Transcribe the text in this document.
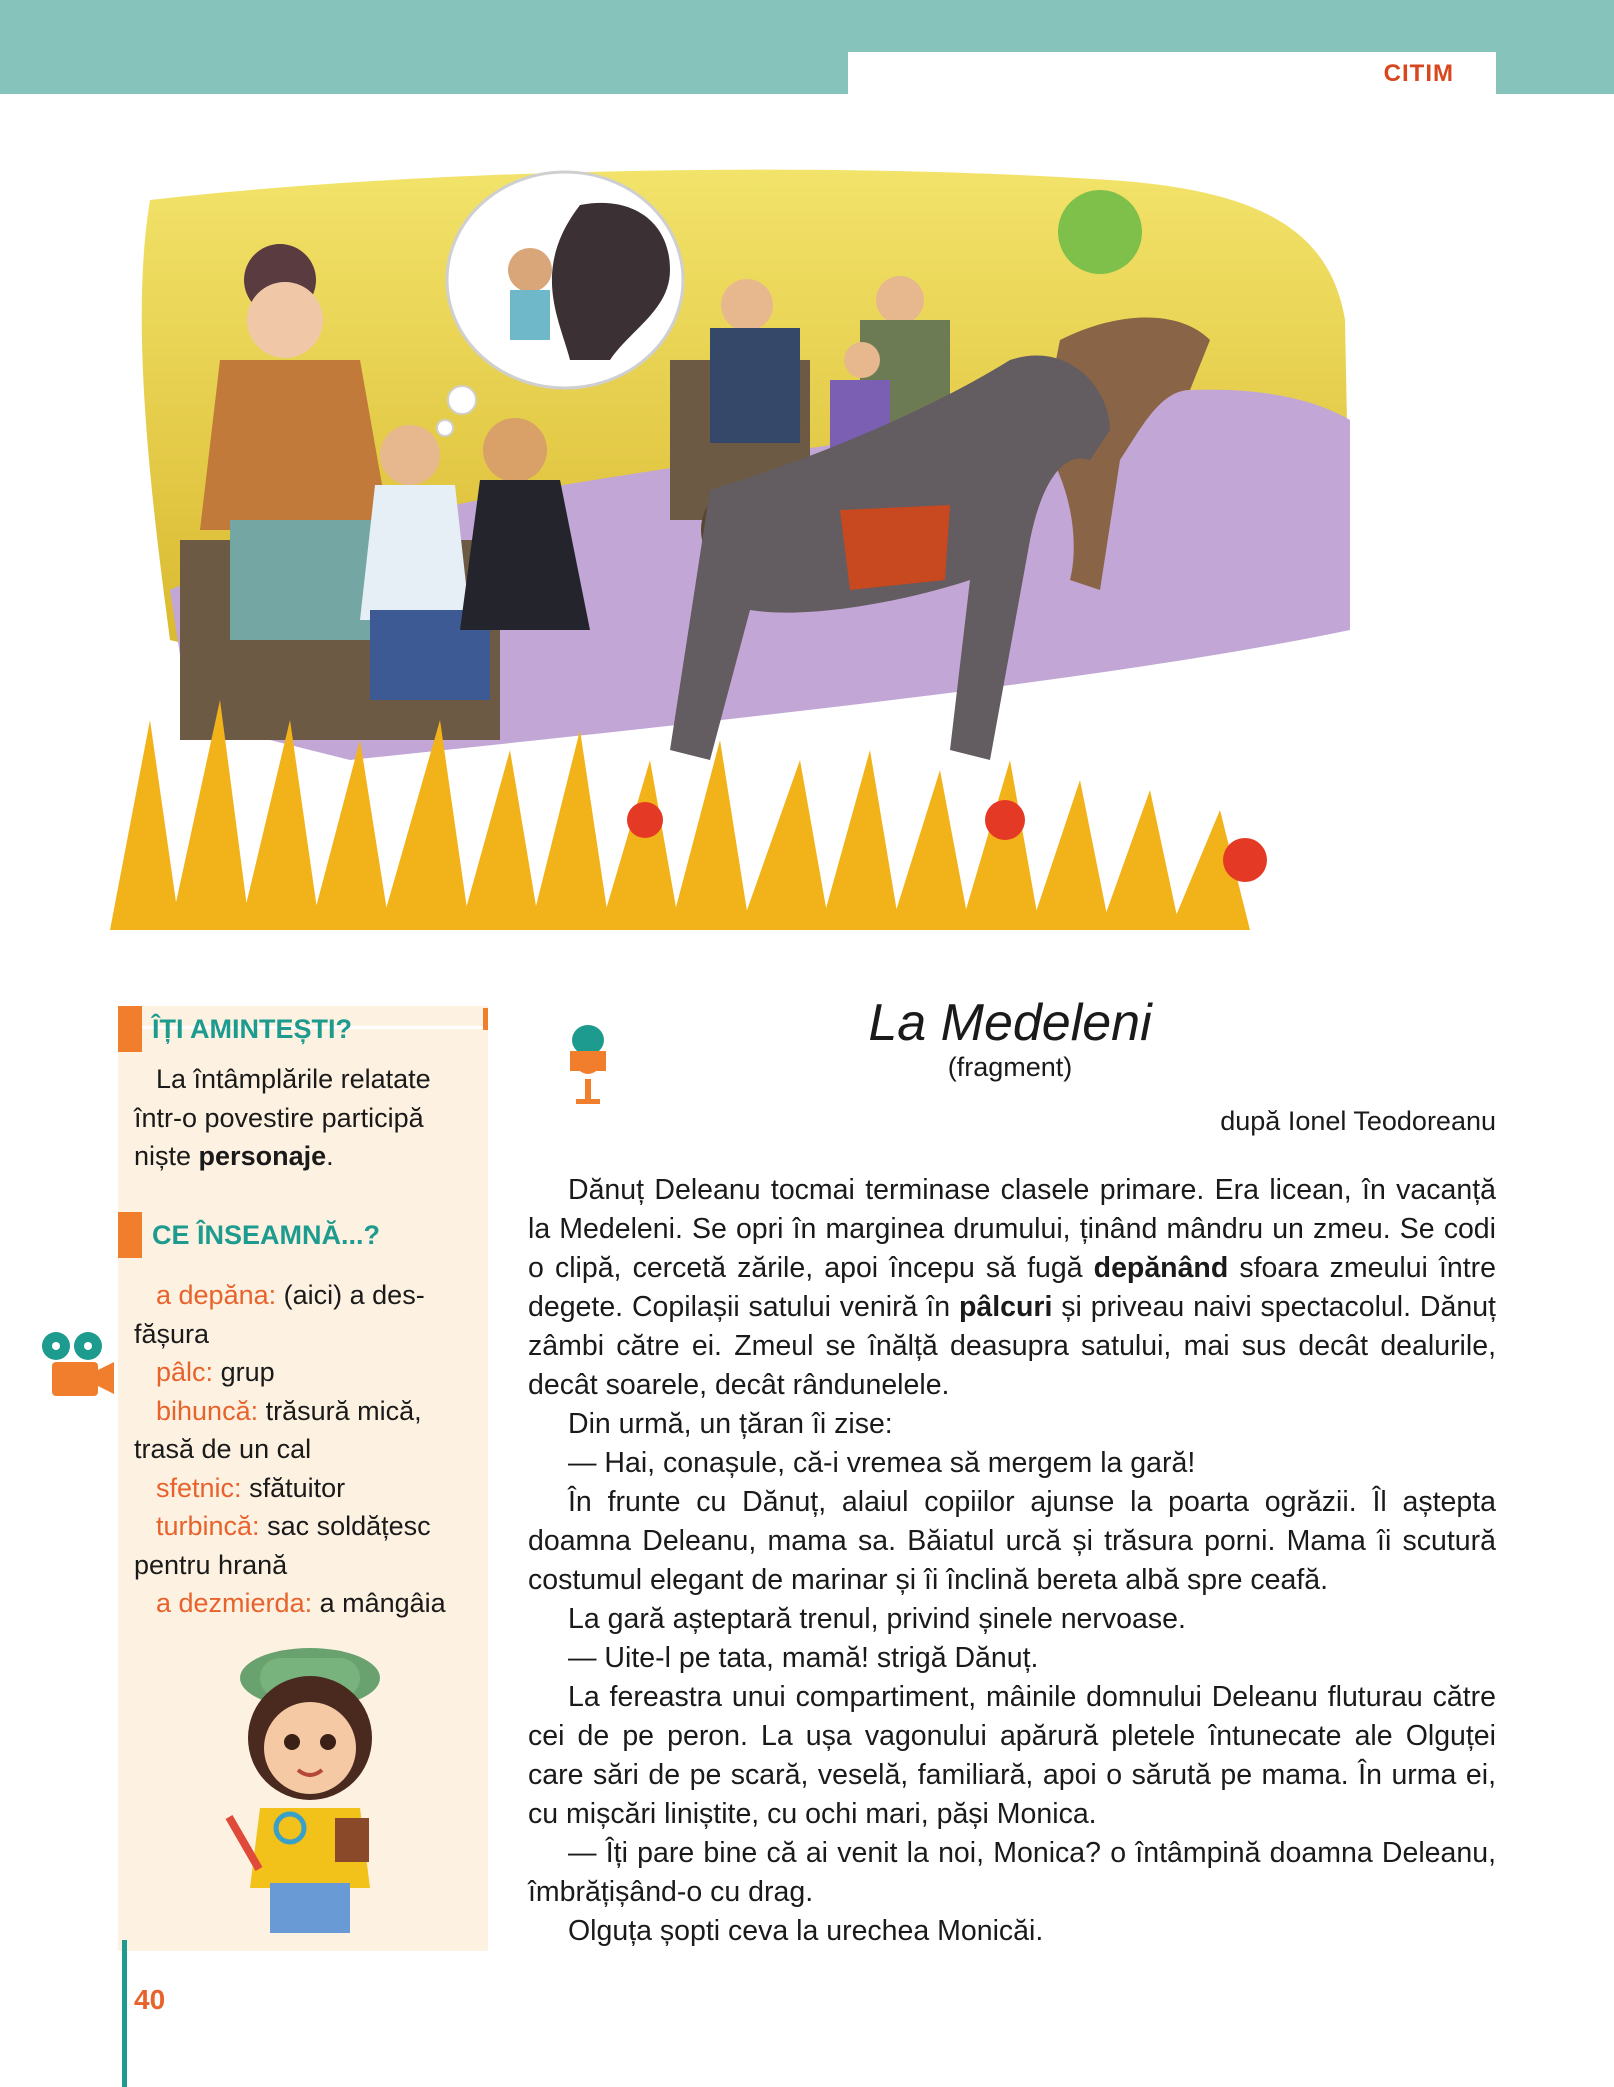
CITIM
ÎȚI AMINTEȘTI?

La întâmplările relatate

într-o povestire participă

niște personaje.

CE ÎNSEAMNĂ...?

a depăna: (aici) a des-

fășura

pâlc: grup

bihuncă: trăsură mică,

trasă de un cal

sfetnic: sfătuitor

turbincă: sac soldățesc

pentru hrană

a dezmierda: a mângâia

La Medeleni
(fragment)
după Ionel Teodoreanu

Dănuț Deleanu tocmai terminase clasele primare. Era licean, în vacanță la Medeleni. Se opri în marginea drumului, ținând mândru un zmeu. Se codi o clipă, cercetă zările, apoi începu să fugă depănând sfoara zmeului între degete. Copilașii satului veniră în pâlcuri și priveau naivi spectacolul. Dănuț zâmbi către ei. Zmeul se înălță deasupra satului, mai sus decât dealurile, decât soarele, decât rândunelele.

Din urmă, un țăran îi zise:

— Hai, conașule, că-i vremea să mergem la gară!

În frunte cu Dănuț, alaiul copiilor ajunse la poarta ogrăzii. Îl aștepta doamna Deleanu, mama sa. Băiatul urcă și trăsura porni. Mama îi scutură costumul elegant de marinar și îi înclină bereta albă spre ceafă.

La gară așteptară trenul, privind șinele nervoase.

— Uite-l pe tata, mamă! strigă Dănuț.

La fereastra unui compartiment, mâinile domnului Deleanu fluturau către cei de pe peron. La ușa vagonului apărură pletele întunecate ale Olguței care sări de pe scară, veselă, familiară, apoi o sărută pe mama. În urma ei, cu mișcări liniștite, cu ochi mari, păși Monica.

— Îți pare bine că ai venit la noi, Monica? o întâmpină doamna Deleanu, îmbrățișând-o cu drag.

Olguța șopti ceva la urechea Monicăi.

40
